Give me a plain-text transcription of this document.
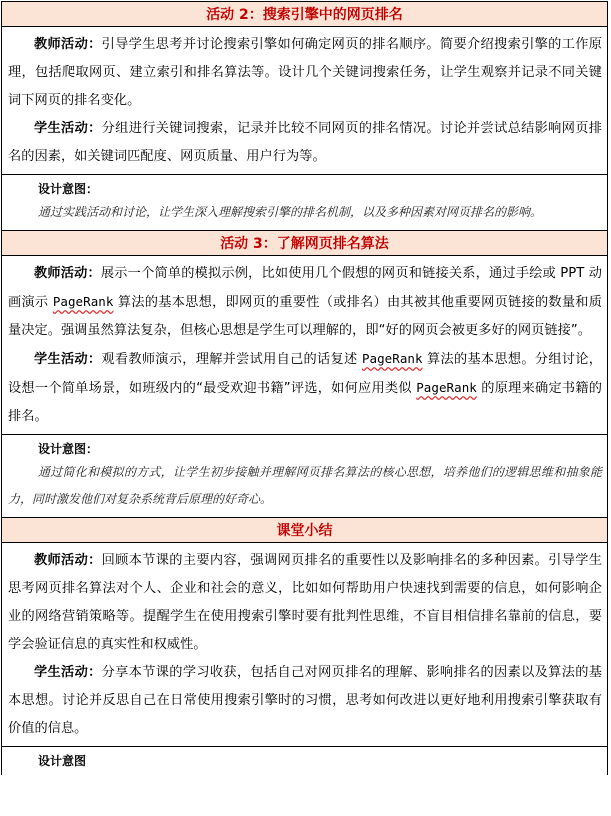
活动 2：搜索引擎中的网页排名

教师活动：引导学生思考并讨论搜索引擎如何确定网页的排名顺序。简要介绍搜索引擎的工作原理，包括爬取网页、建立索引和排名算法等。设计几个关键词搜索任务，让学生观察并记录不同关键词下网页的排名变化。

学生活动：分组进行关键词搜索，记录并比较不同网页的排名情况。讨论并尝试总结影响网页排名的因素，如关键词匹配度、网页质量、用户行为等。

设计意图：

通过实践活动和讨论，让学生深入理解搜索引擎的排名机制，以及多种因素对网页排名的影响。

活动 3：了解网页排名算法

教师活动：展示一个简单的模拟示例，比如使用几个假想的网页和链接关系，通过手绘或 PPT 动画演示 PageRank 算法的基本思想，即网页的重要性（或排名）由其被其他重要网页链接的数量和质量决定。强调虽然算法复杂，但核心思想是学生可以理解的，即“好的网页会被更多好的网页链接”。

学生活动：观看教师演示，理解并尝试用自己的话复述 PageRank 算法的基本思想。分组讨论，设想一个简单场景，如班级内的“最受欢迎书籍”评选，如何应用类似 PageRank 的原理来确定书籍的排名。

设计意图：

通过简化和模拟的方式，让学生初步接触并理解网页排名算法的核心思想，培养他们的逻辑思维和抽象能力，同时激发他们对复杂系统背后原理的好奇心。

课堂小结

教师活动：回顾本节课的主要内容，强调网页排名的重要性以及影响排名的多种因素。引导学生思考网页排名算法对个人、企业和社会的意义，比如如何帮助用户快速找到需要的信息，如何影响企业的网络营销策略等。提醒学生在使用搜索引擎时要有批判性思维，不盲目相信排名靠前的信息，要学会验证信息的真实性和权威性。

学生活动：分享本节课的学习收获，包括自己对网页排名的理解、影响排名的因素以及算法的基本思想。讨论并反思自己在日常使用搜索引擎时的习惯，思考如何改进以更好地利用搜索引擎获取有价值的信息。

设计意图
